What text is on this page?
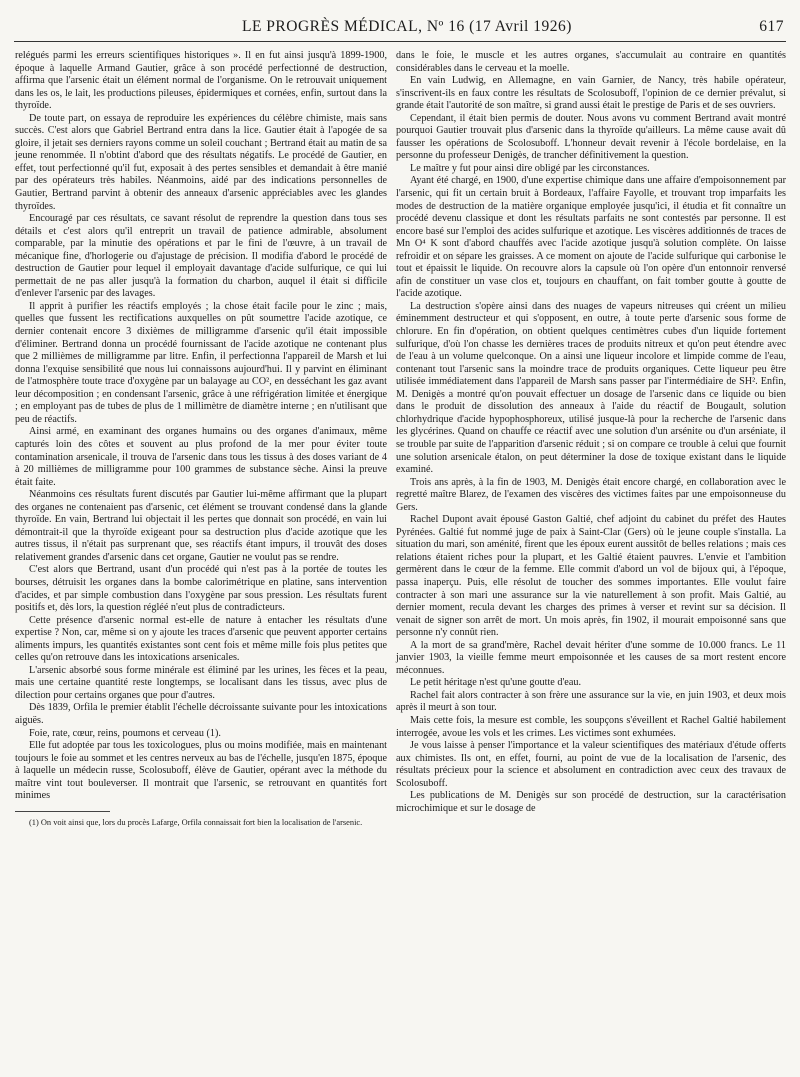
LE PROGRÈS MÉDICAL, Nº 16 (17 Avril 1926)	617

relégués parmi les erreurs scientifiques historiques ». Il en fut ainsi jusqu'à 1899-1900, époque à laquelle Armand Gautier, grâce à son procédé perfectionné de destruction, affirma que l'arsenic était un élément normal de l'organisme. On le retrouvait uniquement dans les os, le lait, les productions pileuses, épidermiques et cornées, enfin, surtout dans la thyroïde.

De toute part, on essaya de reproduire les expériences du célèbre chimiste, mais sans succès. C'est alors que Gabriel Bertrand entra dans la lice. Gautier était à l'apogée de sa gloire, il jetait ses derniers rayons comme un soleil couchant ; Bertrand était au matin de sa jeune renommée. Il n'obtint d'abord que des résultats négatifs. Le procédé de Gautier, en effet, tout perfectionné qu'il fut, exposait à des pertes sensibles et demandait à être manié par des opérateurs très habiles. Néanmoins, aidé par des indications personnelles de Gautier, Bertrand parvint à obtenir des anneaux d'arsenic appréciables avec les glandes thyroïdes.

Encouragé par ces résultats, ce savant résolut de reprendre la question dans tous ses détails et c'est alors qu'il entreprit un travail de patience admirable, absolument comparable, par la minutie des opérations et par le fini de l'œuvre, à un travail de mécanique fine, d'horlogerie ou d'ajustage de précision. Il modifia d'abord le procédé de destruction de Gautier pour lequel il employait davantage d'acide sulfurique, ce qui lui permettait de ne pas aller jusqu'à la formation du charbon, auquel il était si difficile d'enlever l'arsenic par des lavages.

Il apprit à purifier les réactifs employés ; la chose était facile pour le zinc ; mais, quelles que fussent les rectifications auxquelles on pût soumettre l'acide azotique, ce dernier contenait encore 3 dixièmes de milligramme d'arsenic qu'il était impossible d'éliminer. Bertrand donna un procédé fournissant de l'acide azotique ne contenant plus que 2 millièmes de milligramme par litre. Enfin, il perfectionna l'appareil de Marsh et lui donna l'exquise sensibilité que nous lui connaissons aujourd'hui. Il y parvint en éliminant de l'atmosphère toute trace d'oxygène par un balayage au CO², en desséchant les gaz avant leur décomposition ; en condensant l'arsenic, grâce à une réfrigération limitée et énergique ; en employant pas de tubes de plus de 1 millimètre de diamètre interne ; en n'utilisant que peu de réactifs.

Ainsi armé, en examinant des organes humains ou des organes d'animaux, même capturés loin des côtes et souvent au plus profond de la mer pour éviter toute contamination arsenicale, il trouva de l'arsenic dans tous les tissus à des doses variant de 4 à 20 millièmes de milligramme pour 100 grammes de substance sèche. Ainsi la preuve était faite.

Néanmoins ces résultats furent discutés par Gautier lui-même affirmant que la plupart des organes ne contenaient pas d'arsenic, cet élément se trouvant condensé dans la glande thyroïde. En vain, Bertrand lui objectait il les pertes que donnait son procédé, en vain lui démontrait-il que la thyroïde exigeant pour sa destruction plus d'acide azotique que les autres tissus, il n'était pas surprenant que, ses réactifs étant impurs, il trouvât des doses relativement grandes d'arsenic dans cet organe, Gautier ne voulut pas se rendre.

C'est alors que Bertrand, usant d'un procédé qui n'est pas à la portée de toutes les bourses, détruisit les organes dans la bombe calorimétrique en platine, sans intervention d'acides, et par simple combustion dans l'oxygène par sous pression. Les résultats furent positifs et, dès lors, la question régléé n'eut plus de contradicteurs.

Cette présence d'arsenic normal est-elle de nature à entacher les résultats d'une expertise ? Non, car, même si on y ajoute les traces d'arsenic que peuvent apporter certains aliments impurs, les quantités existantes sont cent fois et même mille fois plus petites que celles qu'on retrouve dans les intoxications arsenicales.

L'arsenic absorbé sous forme minérale est éliminé par les urines, les fèces et la peau, mais une certaine quantité reste longtemps, se localisant dans les tissus, avec plus de dilection pour certains organes que pour d'autres.

Dès 1839, Orfila le premier établit l'échelle décroissante suivante pour les intoxications aiguës.

Foie, rate, cœur, reins, poumons et cerveau (1).

Elle fut adoptée par tous les toxicologues, plus ou moins modifiée, mais en maintenant toujours le foie au sommet et les centres nerveux au bas de l'échelle, jusqu'en 1875, époque à laquelle un médecin russe, Scolosuboff, élève de Gautier, opérant avec la méthode du maître vint tout bouleverser. Il montrait que l'arsenic, se retrouvant en quantités fort minimes

(1) On voit ainsi que, lors du procès Lafarge, Orfila connaissait fort bien la localisation de l'arsenic.

dans le foie, le muscle et les autres organes, s'accumulait au contraire en quantités considérables dans le cerveau et la moelle.

En vain Ludwig, en Allemagne, en vain Garnier, de Nancy, très habile opérateur, s'inscrivent-ils en faux contre les résultats de Scolosuboff, l'opinion de ce dernier prévalut, si grande était l'autorité de son maître, si grand aussi était le prestige de Paris et de ses ouvriers.

Cependant, il était bien permis de douter. Nous avons vu comment Bertrand avait montré pourquoi Gautier trouvait plus d'arsenic dans la thyroïde qu'ailleurs. La même cause avait dû fausser les opérations de Scolosuboff. L'honneur devait revenir à l'école bordelaise, en la personne du professeur Denigès, de trancher définitivement la question.

Le maître y fut pour ainsi dire obligé par les circonstances.

Ayant été chargé, en 1900, d'une expertise chimique dans une affaire d'empoisonnement par l'arsenic, qui fit un certain bruit à Bordeaux, l'affaire Fayolle, et trouvant trop imparfaits les modes de destruction de la matière organique employée jusqu'ici, il étudia et fit connaître un procédé devenu classique et dont les résultats parfaits ne sont contestés par personne. Il est encore basé sur l'emploi des acides sulfurique et azotique. Les viscères additionnés de traces de Mn O⁴ K sont d'abord chauffés avec l'acide azotique jusqu'à solution complète. On laisse refroidir et on sépare les graisses. A ce moment on ajoute de l'acide sulfurique qui carbonise le tout et épaissit le liquide. On recouvre alors la capsule où l'on opère d'un entonnoir renversé afin de constituer un vase clos et, toujours en chauffant, on fait tomber goutte à goutte de l'acide azotique.

La destruction s'opère ainsi dans des nuages de vapeurs nitreuses qui créent un milieu éminemment destructeur et qui s'opposent, en outre, à toute perte d'arsenic sous forme de chlorure. En fin d'opération, on obtient quelques centimètres cubes d'un liquide fortement sulfurique, d'où l'on chasse les dernières traces de produits nitreux et qu'on peut étendre avec de l'eau à un volume quelconque. On a ainsi une liqueur incolore et limpide comme de l'eau, contenant tout l'arsenic sans la moindre trace de produits organiques. Cette liqueur peu être utilisée immédiatement dans l'appareil de Marsh sans passer par l'intermédiaire de SH². Enfin, M. Denigès a montré qu'on pouvait effectuer un dosage de l'arsenic dans ce liquide ou bien dans le produit de dissolution des anneaux à l'aide du réactif de Bougault, solution chlorhydrique d'acide hypophosphoreux, utilisé jusque-là pour la recherche de l'arsenic dans les glycérines. Quand on chauffe ce réactif avec une solution d'un arsénite ou d'un arséniate, il se trouble par suite de l'apparition d'arsenic réduit ; si on compare ce trouble à celui que fournit une solution arsenicale étalon, on peut déterminer la dose de toxique existant dans le liquide examiné.

Trois ans après, à la fin de 1903, M. Denigès était encore chargé, en collaboration avec le regretté maître Blarez, de l'examen des viscères des victimes faites par une empoisonneuse du Gers.

Rachel Dupont avait épousé Gaston Galtié, chef adjoint du cabinet du préfet des Hautes Pyrénées. Galtié fut nommé juge de paix à Saint-Clar (Gers) où le jeune couple s'installa. La situation du mari, son aménité, firent que les époux eurent aussitôt de belles relations ; mais ces relations étaient riches pour la plupart, et les Galtié étaient pauvres. L'envie et l'ambition germèrent dans le cœur de la femme. Elle commit d'abord un vol de bijoux qui, à l'époque, passa inaperçu. Puis, elle résolut de toucher des sommes importantes. Elle voulut faire contracter à son mari une assurance sur la vie naturellement à son profit. Mais Galtié, au dernier moment, recula devant les charges des primes à verser et revint sur sa décision. Il venait de signer son arrêt de mort. Un mois après, fin 1902, il mourait empoisonné sans que personne n'y connût rien.

A la mort de sa grand'mère, Rachel devait hériter d'une somme de 10.000 francs. Le 11 janvier 1903, la vieille femme meurt empoisonnée et les causes de sa mort restent encore méconnues.

Le petit héritage n'est qu'une goutte d'eau.

Rachel fait alors contracter à son frère une assurance sur la vie, en juin 1903, et deux mois après il meurt à son tour.

Mais cette fois, la mesure est comble, les soupçons s'éveillent et Rachel Galtié habilement interrogée, avoue les vols et les crimes. Les victimes sont exhumées.

Je vous laisse à penser l'importance et la valeur scientifiques des matériaux d'étude offerts aux chimistes. Ils ont, en effet, fourni, au point de vue de la localisation de l'arsenic, des résultats précieux pour la science et absolument en contradiction avec ceux des travaux de Scolosuboff.

Les publications de M. Denigès sur son procédé de destruction, sur la caractérisation microchimique et sur le dosage de
